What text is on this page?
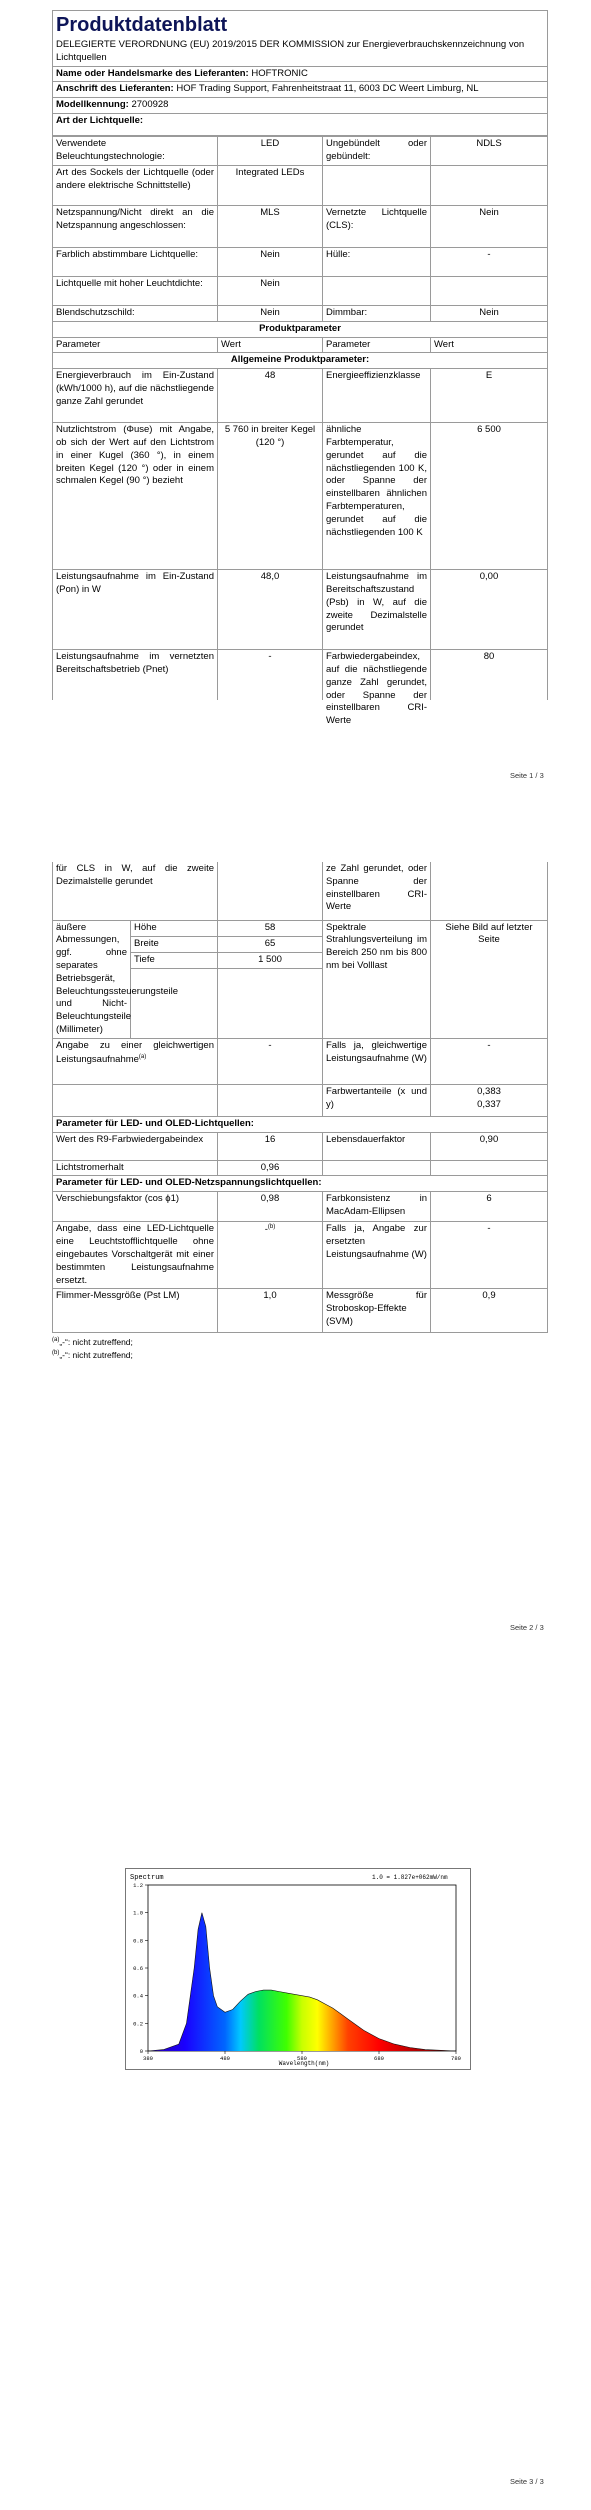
Produktdatenblatt

DELEGIERTE VERORDNUNG (EU) 2019/2015 DER KOMMISSION zur Energieverbrauchskennzeichnung von Lichtquellen
Name oder Handelsmarke des Lieferanten: HOFTRONIC
Anschrift des Lieferanten: HOF Trading Support, Fahrenheitstraat 11, 6003 DC Weert Limburg, NL
Modellkennung: 2700928
Art der Lichtquelle:
Verwendete Beleuchtungstechnologie:	LED	Ungebündelt oder gebündelt:	NDLS
Art des Sockels der Lichtquelle (oder andere elektrische Schnittstelle)	Integrated LEDs		
Netzspannung/Nicht direkt an die Netzspannung angeschlossen:	MLS	Vernetzte Lichtquelle (CLS):	Nein
Farblich abstimmbare Lichtquelle:	Nein	Hülle:	-
Lichtquelle mit hoher Leuchtdichte:	Nein		
Blendschutzschild:	Nein	Dimmbar:	Nein
Produktparameter			
Parameter	Wert	Parameter	Wert
Allgemeine Produktparameter:			
Energieverbrauch im Ein-Zustand (kWh/1000 h), auf die nächstliegende ganze Zahl gerundet	48	Energieeffizienzklasse	E
Nutzlichtstrom (Φuse) mit Angabe, ob sich der Wert auf den Lichtstrom in einer Kugel (360 °), in einem breiten Kegel (120 °) oder in einem schmalen Kegel (90 °) bezieht	5 760 in breiter Kegel (120 °)	ähnliche Farbtemperatur, gerundet auf die nächstliegenden 100 K, oder Spanne der einstellbaren ähnlichen Farbtemperaturen, gerundet auf die nächstliegenden 100 K	6 500
Leistungsaufnahme im Ein-Zustand (Pon) in W	48,0	Leistungsaufnahme im Bereitschaftszustand (Psb) in W, auf die zweite Dezimalstelle gerundet	0,00

Leistungsaufnahme im vernetzten Bereitschaftsbetrieb (Pnet)	-	Farbwiedergabeindex, auf die nächstliegende ganze Zahl gerundet, oder Spanne der einstellbaren CRI-Werte	80
Seite 1 / 3
für CLS in W, auf die zweite Dezimalstelle gerundet			ze Zahl gerundet, oder Spanne der einstellbaren CRI-Werte	
äußere Abmessungen, ggf. ohne separates Betriebsgerät, Beleuchtungssteuerungsteile und Nicht-Beleuchtungsteile (Millimeter)	Höhe	58	Spektrale Strahlungsverteilung im Bereich 250 nm bis 800 nm bei Volllast	Siehe Bild auf letzter Seite
	Breite	65		
	Tiefe	1 500		

Angabe zu einer gleichwertigen Leistungsaufnahme$^{(a)}$		-	Falls ja, gleichwertige Leistungsaufnahme (W)	-
			Farbwertanteile (x und y)	0,383
0,337

Parameter für LED- und OLED-Lichtquellen:				
Wert des R9-Farbwiedergabeindex		16	Lebensdauerfaktor	0,90
Lichtstromerhalt		0,96		
Parameter für LED- und OLED-Netzspannungslichtquellen:				
Verschiebungsfaktor (cos ϕ1)		0,98	Farbkonsistenz in MacAdam-Ellipsen	6
Angabe, dass eine LED-Lichtquelle eine Leuchtstofflichtquelle ohne eingebautes Vorschaltgerät mit einer bestimmten Leistungsaufnahme ersetzt.		-$^{(b)}$	Falls ja, Angabe zur ersetzten Leistungsaufnahme (W)	-
Flimmer-Messgröße (Pst LM)		1,0	Messgröße für Stroboskop-Effekte (SVM)	0,9
$^{(a)}$„-“: nicht zutreffend;
$^{(b)}$„-“: nicht zutreffend;
Seite 2 / 3
Spectrum	1.0 = 1.827e+062mW/nm
0
0.2
0.4
0.6
0.8
1.0
1.2
380	480	580	680	780
Wavelength(nm)
Seite 3 / 3
